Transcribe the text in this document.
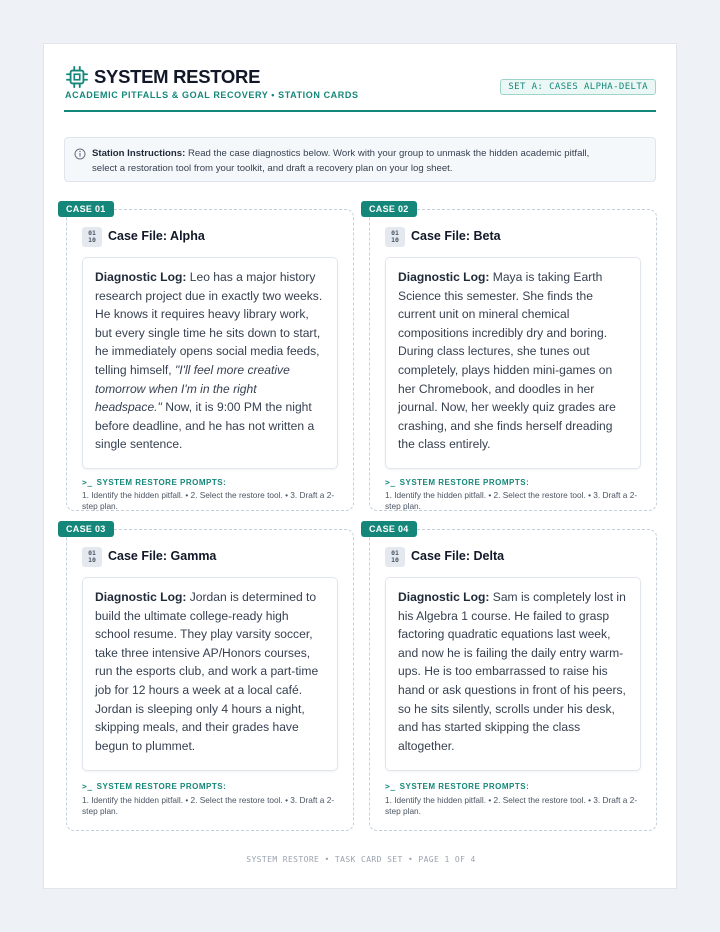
SYSTEM RESTORE
ACADEMIC PITFALLS & GOAL RECOVERY • STATION CARDS
SET A: CASES ALPHA-DELTA
Station Instructions: Read the case diagnostics below. Work with your group to unmask the hidden academic pitfall,
select a restoration tool from your toolkit, and draft a recovery plan on your log sheet.
CASE 01
01
10 Case File: Alpha
Diagnostic Log: Leo has a major history research project due in exactly two weeks. He knows it requires heavy library work, but every single time he sits down to start, he immediately opens social media feeds, telling himself, "I'll feel more creative tomorrow when I'm in the right headspace." Now, it is 9:00 PM the night before deadline, and he has not written a single sentence.
>_ SYSTEM RESTORE PROMPTS:
1. Identify the hidden pitfall. • 2. Select the restore tool. • 3. Draft a 2-step plan.
CASE 02
01
10 Case File: Beta
Diagnostic Log: Maya is taking Earth Science this semester. She finds the current unit on mineral chemical compositions incredibly dry and boring. During class lectures, she tunes out completely, plays hidden mini-games on her Chromebook, and doodles in her journal. Now, her weekly quiz grades are crashing, and she finds herself dreading the class entirely.
>_ SYSTEM RESTORE PROMPTS:
1. Identify the hidden pitfall. • 2. Select the restore tool. • 3. Draft a 2-step plan.
CASE 03
01
10 Case File: Gamma
Diagnostic Log: Jordan is determined to build the ultimate college-ready high school resume. They play varsity soccer, take three intensive AP/Honors courses, run the esports club, and work a part-time job for 12 hours a week at a local café. Jordan is sleeping only 4 hours a night, skipping meals, and their grades have begun to plummet.
>_ SYSTEM RESTORE PROMPTS:
1. Identify the hidden pitfall. • 2. Select the restore tool. • 3. Draft a 2-step plan.
CASE 04
01
10 Case File: Delta
Diagnostic Log: Sam is completely lost in his Algebra 1 course. He failed to grasp factoring quadratic equations last week, and now he is failing the daily entry warm-ups. He is too embarrassed to raise his hand or ask questions in front of his peers, so he sits silently, scrolls under his desk, and has started skipping the class altogether.
>_ SYSTEM RESTORE PROMPTS:
1. Identify the hidden pitfall. • 2. Select the restore tool. • 3. Draft a 2-step plan.
SYSTEM RESTORE • TASK CARD SET • PAGE 1 OF 4
